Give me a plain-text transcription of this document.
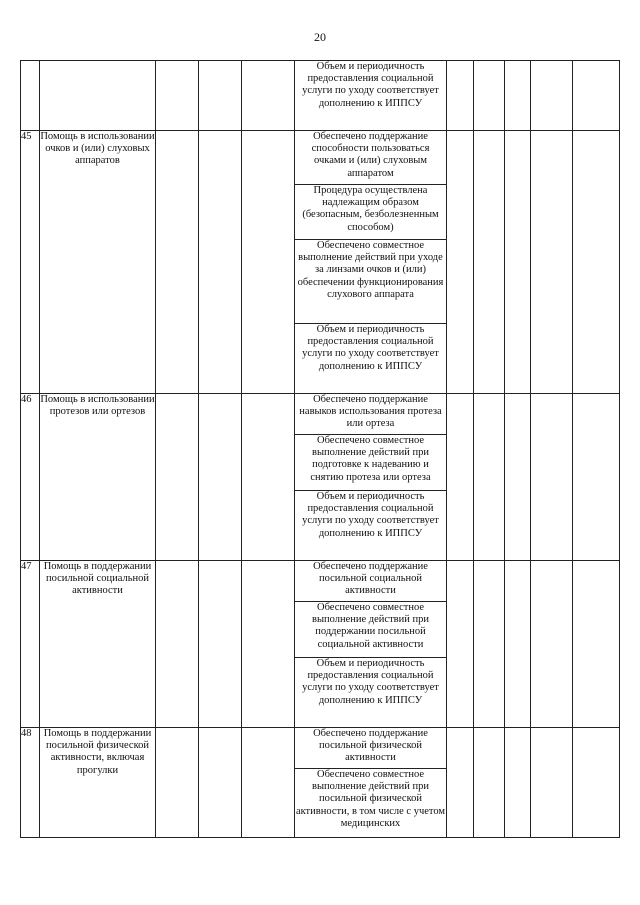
20
					Объем и периодичность предоставления социальной услуги по уходу соответствует дополнению к ИППСУ					
45	Помощь в использовании очков и (или) слуховых аппаратов				Обеспечено поддержание способности пользоваться очками и (или) слуховым аппаратом					
					Процедура осуществлена надлежащим образом (безопасным, безболезненным способом)					
					Обеспечено совместное выполнение действий при уходе за линзами очков и (или) обеспечении функционирования слухового аппарата					
					Объем и периодичность предоставления социальной услуги по уходу соответствует дополнению к ИППСУ					
46	Помощь в использовании протезов или ортезов				Обеспечено поддержание навыков использования протеза или ортеза					
					Обеспечено совместное выполнение действий при подготовке к надеванию и снятию протеза или ортеза					
					Объем и периодичность предоставления социальной услуги по уходу соответствует дополнению к ИППСУ					
47	Помощь в поддержании посильной социальной активности				Обеспечено поддержание посильной социальной активности					
					Обеспечено совместное выполнение действий при поддержании посильной социальной активности					
					Объем и периодичность предоставления социальной услуги по уходу соответствует дополнению к ИППСУ					
48	Помощь в поддержании посильной физической активности, включая прогулки				Обеспечено поддержание посильной физической активности					
					Обеспечено совместное выполнение действий при посильной физической активности, в том числе с учетом медицинских					
